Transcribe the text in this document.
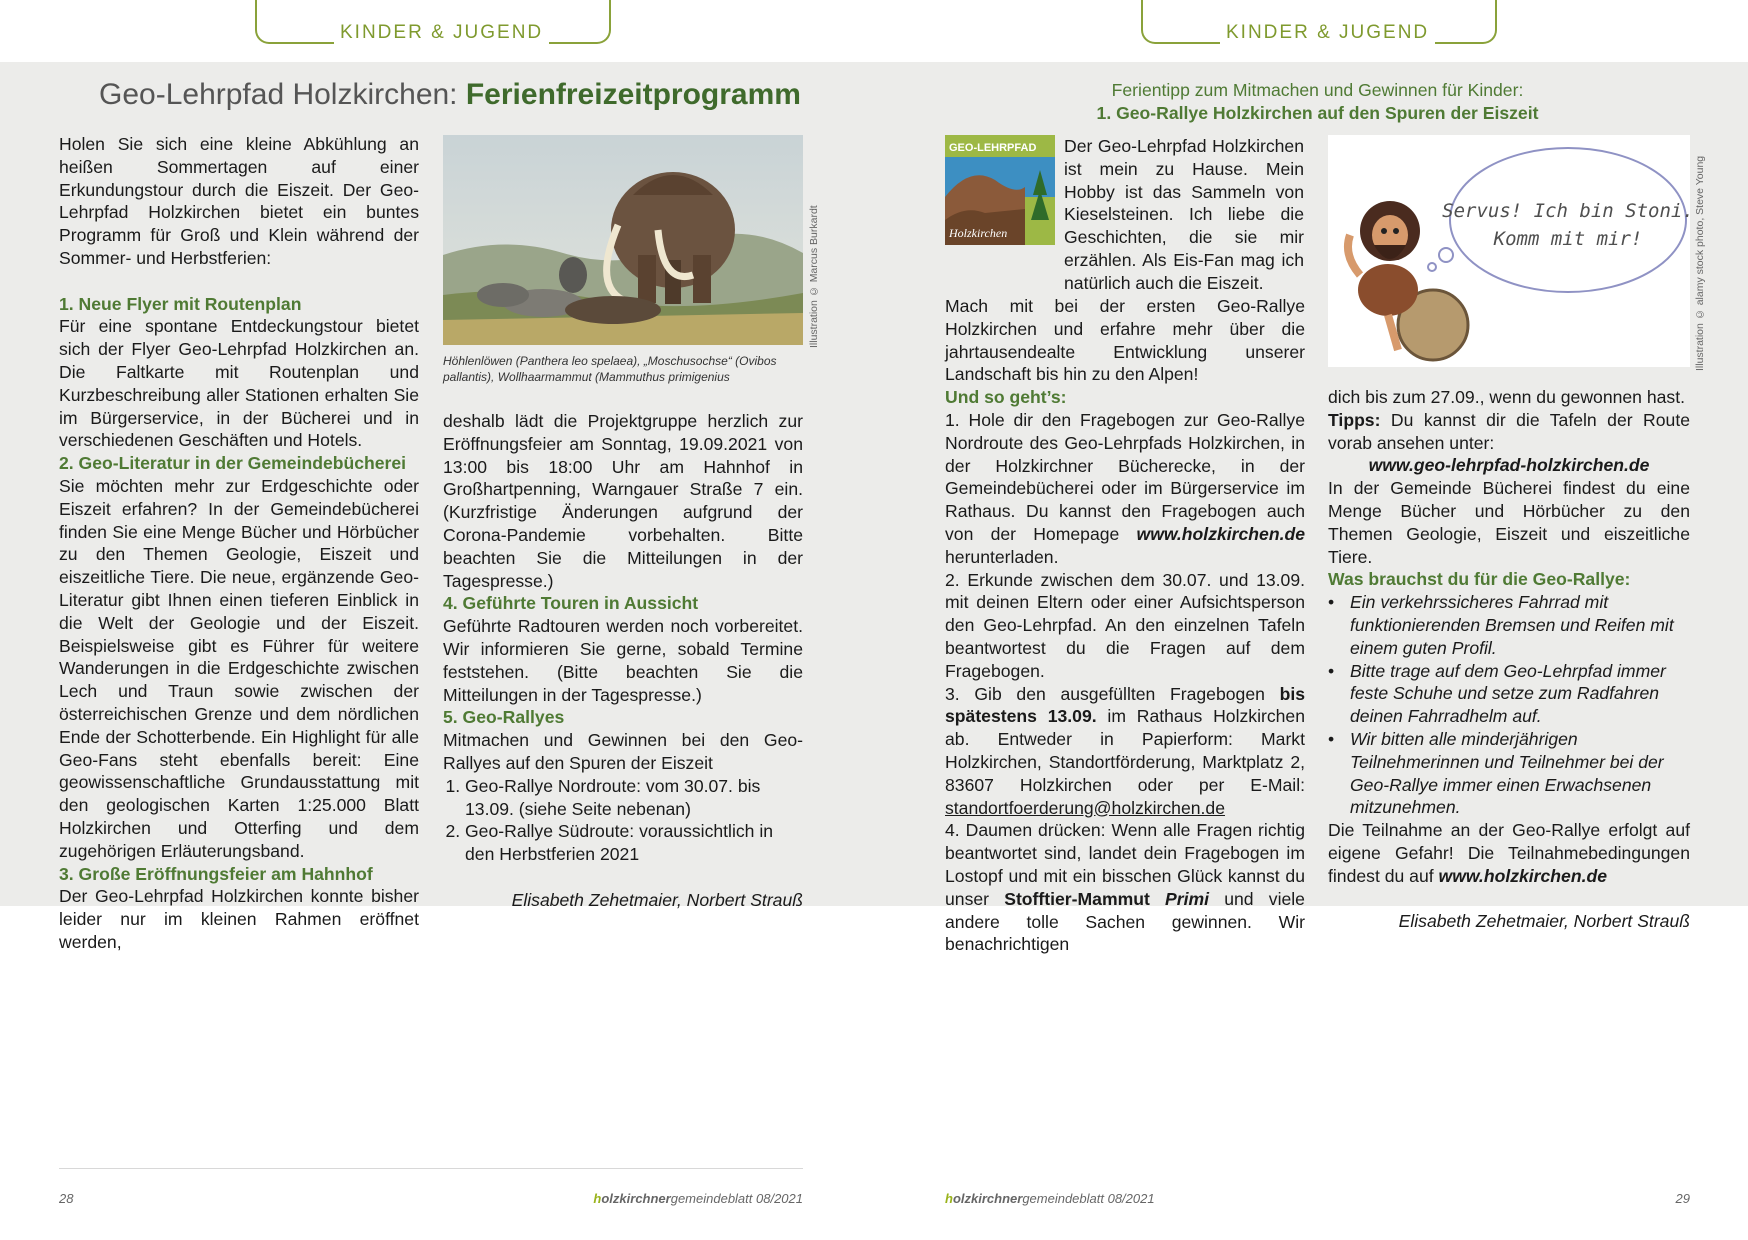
KINDER & JUGEND	KINDER & JUGEND
Geo-Lehrpfad Holzkirchen: Ferienfreizeitprogramm

Holen Sie sich eine kleine Abkühlung an heißen Sommertagen auf einer Erkundungstour durch die Eiszeit. Der Geo-Lehrpfad Holzkirchen bietet ein buntes Programm für Groß und Klein während der Sommer- und Herbstferien:

1. Neue Flyer mit Routenplan

Für eine spontane Entdeckungstour bietet sich der Flyer Geo-Lehrpfad Holzkirchen an. Die Faltkarte mit Routenplan und Kurzbeschreibung aller Stationen erhalten Sie im Bürgerservice, in der Bücherei und in verschiedenen Geschäften und Hotels.

2. Geo-Literatur in der Gemeindebücherei

Sie möchten mehr zur Erdgeschichte oder Eiszeit erfahren? In der Gemeindebücherei finden Sie eine Menge Bücher und Hörbücher zu den Themen Geologie, Eiszeit und eiszeitliche Tiere. Die neue, ergänzende Geo-Literatur gibt Ihnen einen tieferen Einblick in die Welt der Geologie und der Eiszeit. Beispielsweise gibt es Führer für weitere Wanderungen in die Erdgeschichte zwischen Lech und Traun sowie zwischen der österreichischen Grenze und dem nördlichen Ende der Schotterbende. Ein Highlight für alle Geo-Fans steht ebenfalls bereit: Eine geowissenschaftliche Grundausstattung mit den geologischen Karten 1:25.000 Blatt Holzkirchen und Otterfing und dem zugehörigen Erläuterungsband.

3. Große Eröffnungsfeier am Hahnhof

Der Geo-Lehrpfad Holzkirchen konnte bisher leider nur im kleinen Rahmen eröffnet werden,

Illustration © Marcus Burkardt
Höhlenlöwen (Panthera leo spelaea), „Moschusochse“ (Ovibos pallantis), Wollhaarmammut (Mammuthus primigenius

deshalb lädt die Projektgruppe herzlich zur Eröffnungsfeier am Sonntag, 19.09.2021 von 13:00 bis 18:00 Uhr am Hahnhof in Großhartpenning, Warngauer Straße 7 ein. (Kurzfristige Änderungen aufgrund der Corona-Pandemie vorbehalten. Bitte beachten Sie die Mitteilungen in der Tagespresse.)

4. Geführte Touren in Aussicht

Geführte Radtouren werden noch vorbereitet. Wir informieren Sie gerne, sobald Termine feststehen. (Bitte beachten Sie die Mitteilungen in der Tagespresse.)

5. Geo-Rallyes

Mitmachen und Gewinnen bei den Geo-Rallyes auf den Spuren der Eiszeit

1. Geo-Rallye Nordroute: vom 30.07. bis 13.09. (siehe Seite nebenan)
2. Geo-Rallye Südroute: voraussichtlich in den Herbstferien 2021

Elisabeth Zehetmaier, Norbert Strauß

Ferientipp zum Mitmachen und Gewinnen für Kinder:
1. Geo-Rallye Holzkirchen auf den Spuren der Eiszeit
GEO-LEHRPFAD
Holzkirchen

Der Geo-Lehrpfad Holzkirchen ist mein zu Hause. Mein Hobby ist das Sammeln von Kieselsteinen. Ich liebe die Geschichten, die sie mir erzählen. Als Eis-Fan mag ich natürlich auch die Eiszeit.

Mach mit bei der ersten Geo-Rallye Holzkirchen und erfahre mehr über die jahrtausendealte Entwicklung unserer Landschaft bis hin zu den Alpen!

Und so geht’s:

1. Hole dir den Fragebogen zur Geo-Rallye Nordroute des Geo-Lehrpfads Holzkirchen, in der Holzkirchner Bücherecke, in der Gemeindebücherei oder im Bürgerservice im Rathaus. Du kannst den Fragebogen auch von der Homepage www.holzkirchen.de herunterladen.

2. Erkunde zwischen dem 30.07. und 13.09. mit deinen Eltern oder einer Aufsichtsperson den Geo-Lehrpfad. An den einzelnen Tafeln beantwortest du die Fragen auf dem Fragebogen.

3. Gib den ausgefüllten Fragebogen bis spätestens 13.09. im Rathaus Holzkirchen ab. Entweder in Papierform: Markt Holzkirchen, Standortförderung, Marktplatz 2, 83607 Holzkirchen oder per E-Mail: standortfoerderung@holzkirchen.de

4. Daumen drücken: Wenn alle Fragen richtig beantwortet sind, landet dein Fragebogen im Lostopf und mit ein bisschen Glück kannst du unser Stofftier-Mammut Primi und viele andere tolle Sachen gewinnen. Wir benachrichtigen

Servus! Ich bin Stoni.
Komm mit mir!	Illustration © alamy stock photo, Steve Young

dich bis zum 27.09., wenn du gewonnen hast.

Tipps: Du kannst dir die Tafeln der Route vorab ansehen unter:

www.geo-lehrpfad-holzkirchen.de

In der Gemeinde Bücherei findest du eine Menge Bücher und Hörbücher zu den Themen Geologie, Eiszeit und eiszeitliche Tiere.

Was brauchst du für die Geo-Rallye:

• Ein verkehrssicheres Fahrrad mit funktionierenden Bremsen und Reifen mit einem guten Profil.
• Bitte trage auf dem Geo-Lehrpfad immer feste Schuhe und setze zum Radfahren deinen Fahrradhelm auf.
• Wir bitten alle minderjährigen Teilnehmerinnen und Teilnehmer bei der Geo-Rallye immer einen Erwachsenen mitzunehmen.

Die Teilnahme an der Geo-Rallye erfolgt auf eigene Gefahr! Die Teilnahmebedingungen findest du auf www.holzkirchen.de

Elisabeth Zehetmaier, Norbert Strauß

28	holzkirchnergemeindeblatt 08/2021	holzkirchnergemeindeblatt 08/2021	29
